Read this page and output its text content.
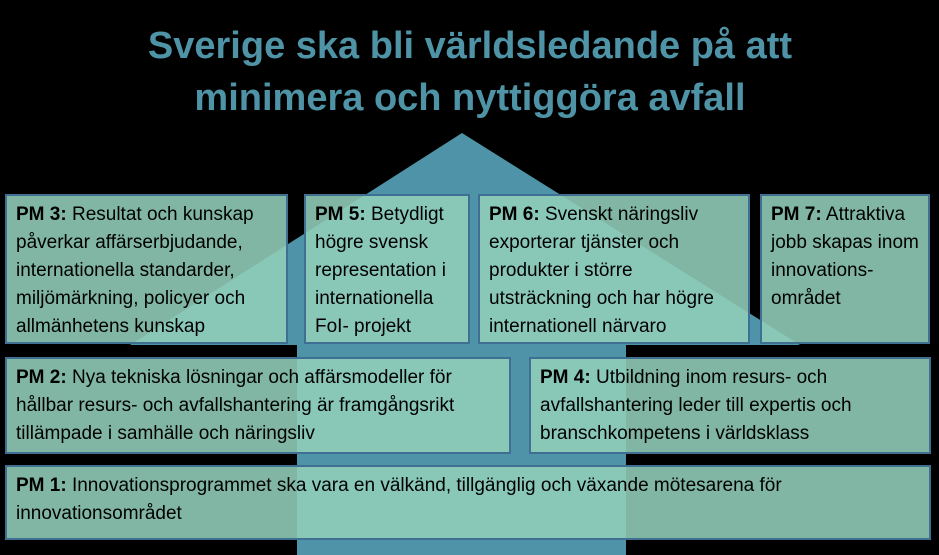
Sverige ska bli världsledande på att
minimera och nyttiggöra avfall
PM 3: Resultat och kunskap påverkar affärserbjudande, internationella standarder, miljömärkning, policyer och allmänhetens kunskap
PM 5: Betydligt högre svensk representation i internationella FoI- projekt
PM 6: Svenskt näringsliv exporterar tjänster och produkter i större utsträckning och har högre internationell närvaro
PM 7: Attraktiva jobb skapas inom innovations-området
PM 2: Nya tekniska lösningar och affärsmodeller för hållbar resurs- och avfallshantering är framgångsrikt tillämpade i samhälle och näringsliv
PM 4: Utbildning inom resurs- och avfallshantering leder till expertis och branschkompetens i världsklass
PM 1: Innovationsprogrammet ska vara en välkänd, tillgänglig och växande mötesarena för innovationsområdet
